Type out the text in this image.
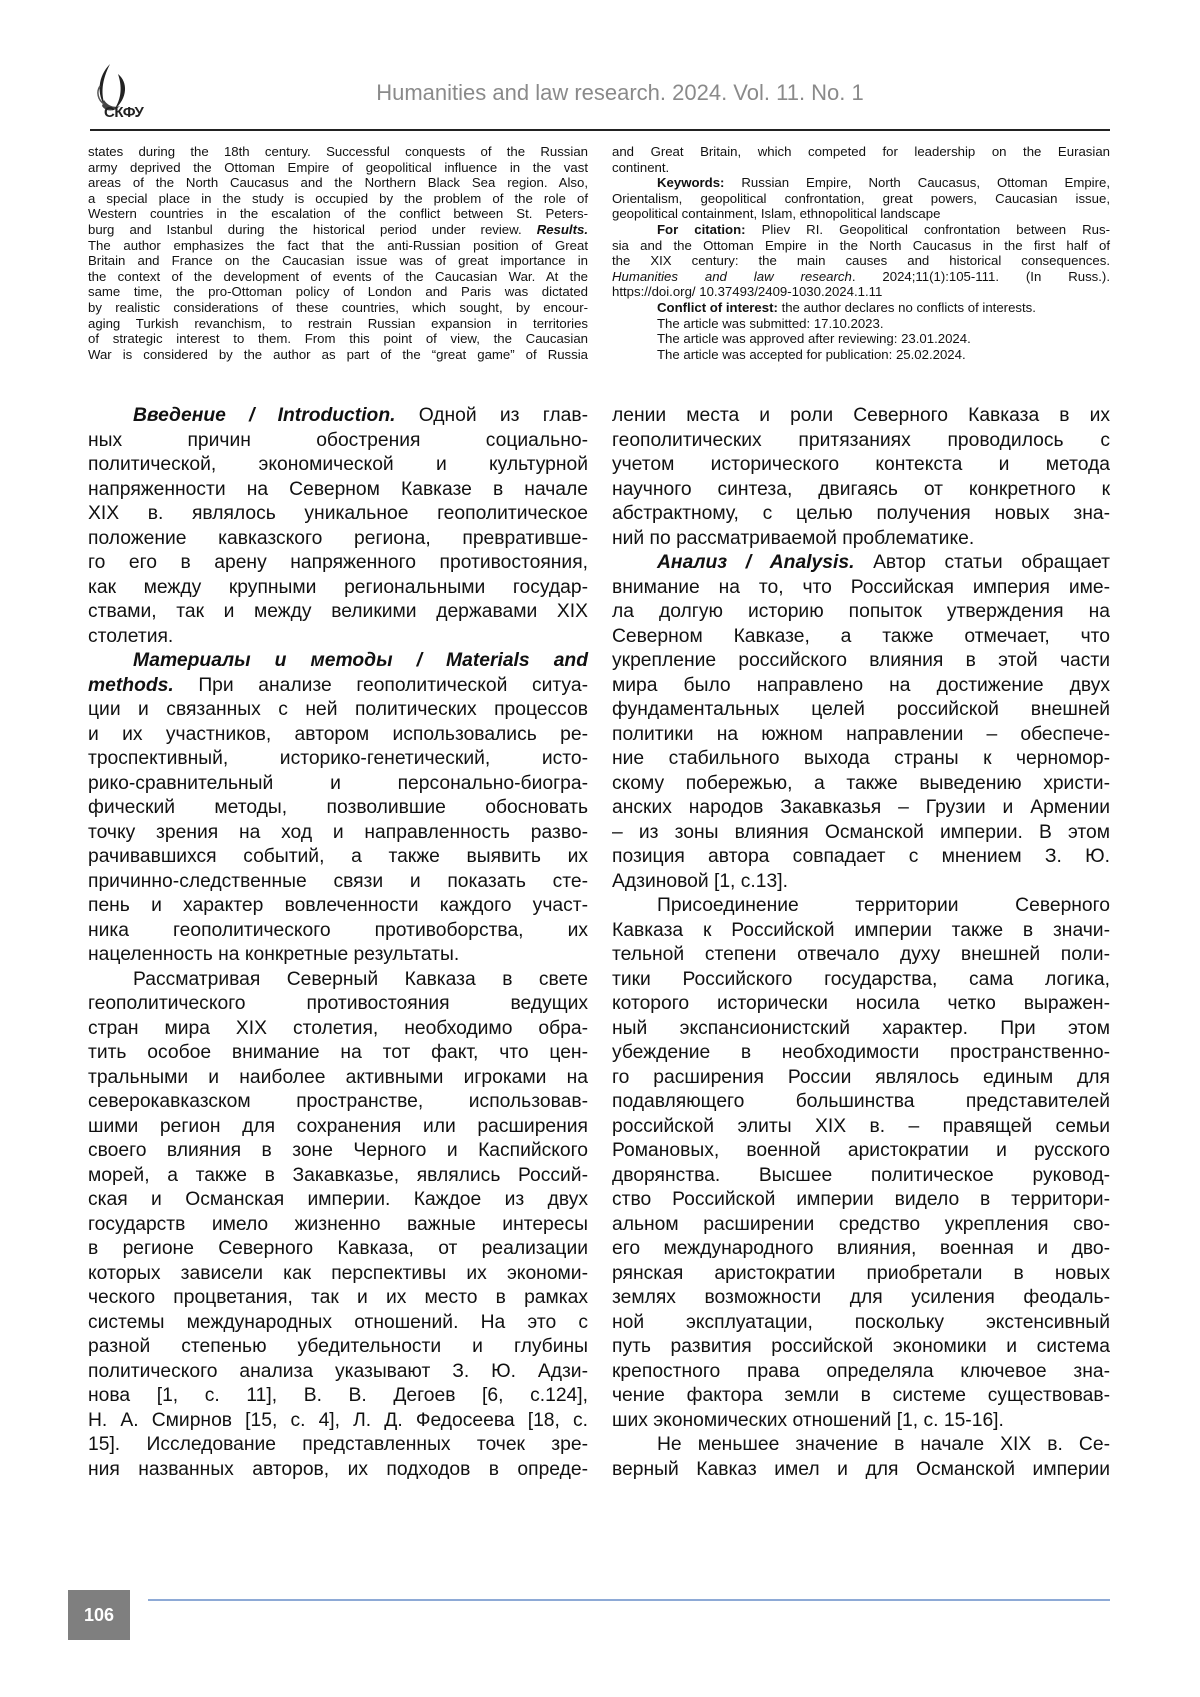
СКФУ
Humanities and law research. 2024. Vol. 11. No. 1
states during the 18th century. Successful conquests of the Russian
army deprived the Ottoman Empire of geopolitical influence in the vast
areas of the North Caucasus and the Northern Black Sea region. Also,
a special place in the study is occupied by the problem of the role of
Western countries in the escalation of the conflict between St. Peters-
burg and Istanbul during the historical period under review. Results.
The author emphasizes the fact that the anti-Russian position of Great
Britain and France on the Caucasian issue was of great importance in
the context of the development of events of the Caucasian War. At the
same time, the pro-Ottoman policy of London and Paris was dictated
by realistic considerations of these countries, which sought, by encour-
aging Turkish revanchism, to restrain Russian expansion in territories
of strategic interest to them. From this point of view, the Caucasian
War is considered by the author as part of the “great game” of Russia
and Great Britain, which competed for leadership on the Eurasian
continent.
Keywords: Russian Empire, North Caucasus, Ottoman Empire,
Orientalism, geopolitical confrontation, great powers, Caucasian issue,
geopolitical containment, Islam, ethnopolitical landscape
For citation: Pliev RI. Geopolitical confrontation between Rus-
sia and the Ottoman Empire in the North Caucasus in the first half of
the XIX century: the main causes and historical consequences.
Humanities and law research. 2024;11(1):105-111. (In Russ.).
https://doi.org/ 10.37493/2409-1030.2024.1.11
Conflict of interest: the author declares no conflicts of interests.
The article was submitted: 17.10.2023.
The article was approved after reviewing: 23.01.2024.
The article was accepted for publication: 25.02.2024.
Введение / Introduction. Одной из глав-
ных причин обострения социально-
политической, экономической и культурной
напряженности на Северном Кавказе в начале
XIX в. являлось уникальное геополитическое
положение кавказского региона, превративше-
го его в арену напряженного противостояния,
как между крупными региональными государ-
ствами, так и между великими державами XIX
столетия.
Материалы и методы / Materials and
methods. При анализе геополитической ситуа-
ции и связанных с ней политических процессов
и их участников, автором использовались ре-
троспективный, историко-генетический, исто-
рико-сравнительный и персонально-биогра-
фический методы, позволившие обосновать
точку зрения на ход и направленность разво-
рачивавшихся событий, а также выявить их
причинно-следственные связи и показать сте-
пень и характер вовлеченности каждого участ-
ника геополитического противоборства, их
нацеленность на конкретные результаты.
Рассматривая Северный Кавказа в свете
геополитического противостояния ведущих
стран мира XIX столетия, необходимо обра-
тить особое внимание на тот факт, что цен-
тральными и наиболее активными игроками на
северокавказском пространстве, использовав-
шими регион для сохранения или расширения
своего влияния в зоне Черного и Каспийского
морей, а также в Закавказье, являлись Россий-
ская и Османская империи. Каждое из двух
государств имело жизненно важные интересы
в регионе Северного Кавказа, от реализации
которых зависели как перспективы их экономи-
ческого процветания, так и их место в рамках
системы международных отношений. На это с
разной степенью убедительности и глубины
политического анализа указывают З. Ю. Адзи-
нова [1, с. 11], В. В. Дегоев [6, с.124],
Н. А. Смирнов [15, с. 4], Л. Д. Федосеева [18, с.
15]. Исследование представленных точек зре-
ния названных авторов, их подходов в опреде-
лении места и роли Северного Кавказа в их
геополитических притязаниях проводилось с
учетом исторического контекста и метода
научного синтеза, двигаясь от конкретного к
абстрактному, с целью получения новых зна-
ний по рассматриваемой проблематике.
Анализ / Analysis. Автор статьи обращает
внимание на то, что Российская империя име-
ла долгую историю попыток утверждения на
Северном Кавказе, а также отмечает, что
укрепление российского влияния в этой части
мира было направлено на достижение двух
фундаментальных целей российской внешней
политики на южном направлении – обеспече-
ние стабильного выхода страны к черномор-
скому побережью, а также выведению христи-
анских народов Закавказья – Грузии и Армении
– из зоны влияния Османской империи. В этом
позиция автора совпадает с мнением З. Ю.
Адзиновой [1, с.13].
Присоединение территории Северного
Кавказа к Российской империи также в значи-
тельной степени отвечало духу внешней поли-
тики Российского государства, сама логика,
которого исторически носила четко выражен-
ный экспансионистский характер. При этом
убеждение в необходимости пространственно-
го расширения России являлось единым для
подавляющего большинства представителей
российской элиты XIX в. – правящей семьи
Романовых, военной аристократии и русского
дворянства. Высшее политическое руковод-
ство Российской империи видело в территори-
альном расширении средство укрепления сво-
его международного влияния, военная и дво-
рянская аристократии приобретали в новых
землях возможности для усиления феодаль-
ной эксплуатации, поскольку экстенсивный
путь развития российской экономики и система
крепостного права определяла ключевое зна-
чение фактора земли в системе существовав-
ших экономических отношений [1, с. 15-16].
Не меньшее значение в начале XIX в. Се-
верный Кавказ имел и для Османской империи
106
